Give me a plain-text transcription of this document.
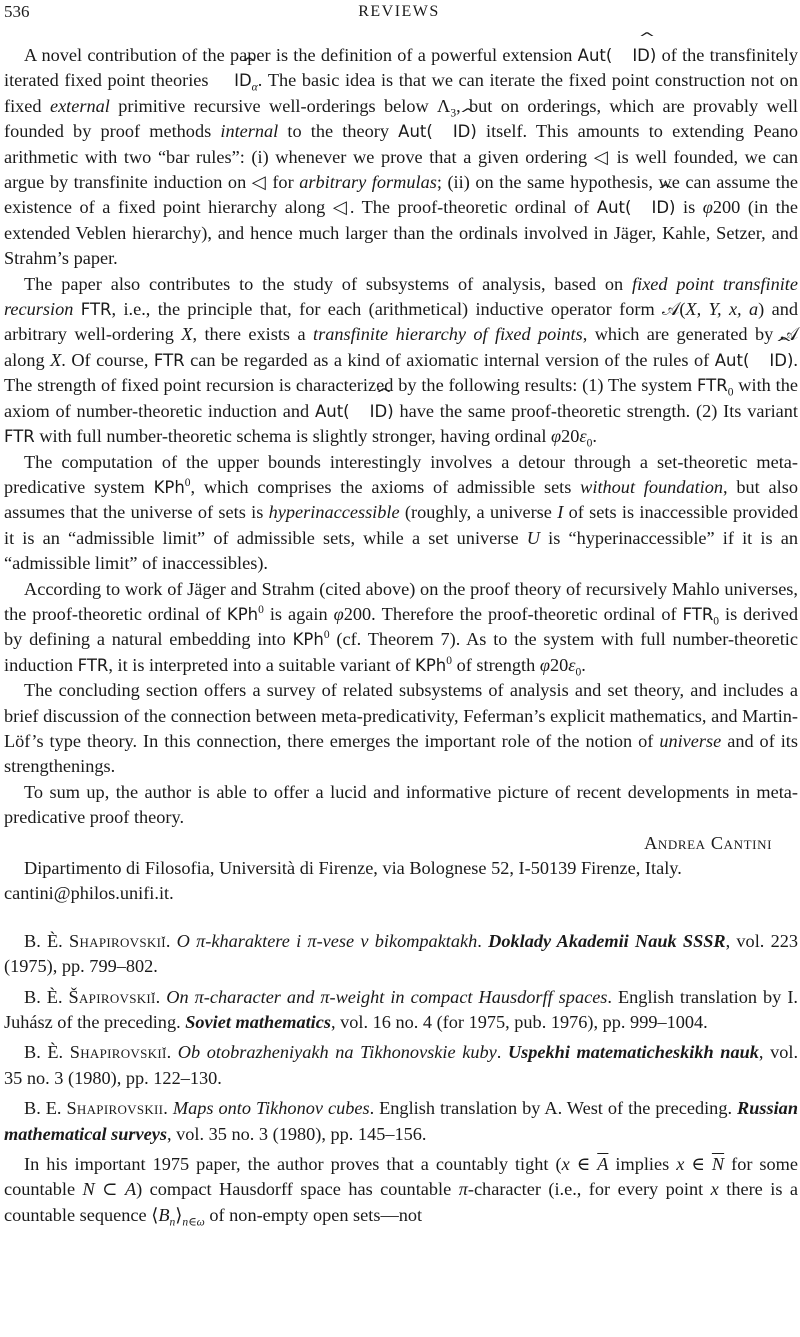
536	REVIEWS

A novel contribution of the paper is the definition of a powerful extension Aut( ID ^) of the transfinitely iterated fixed point theories ID $\^{}_\alpha$. The basic idea is that we can iterate the fixed point construction not on fixed external primitive recursive well-orderings below $\Lambda_3$, but on orderings, which are provably well founded by proof methods internal to the theory Aut( ID ^) itself. This amounts to extending Peano arithmetic with two “bar rules”: (i) whenever we prove that a given ordering ◁ is well founded, we can argue by transfinite induction on ◁ for arbitrary formulas; (ii) on the same hypothesis, we can assume the existence of a fixed point hierarchy along ◁. The proof-theoretic ordinal of Aut( ID ^) is φ200 (in the extended Veblen hierarchy), and hence much larger than the ordinals involved in Jäger, Kahle, Setzer, and Strahm’s paper.

The paper also contributes to the study of subsystems of analysis, based on fixed point transfinite recursion FTR, i.e., the principle that, for each (arithmetical) inductive operator form 𝒜(X, Y, x, a) and arbitrary well-ordering X, there exists a transfinite hierarchy of fixed points, which are generated by 𝒜 along X. Of course, FTR can be regarded as a kind of axiomatic internal version of the rules of Aut( ID ^). The strength of fixed point recursion is characterized by the following results: (1) The system $FTR_0$ with the axiom of number-theoretic induction and Aut( ID ^) have the same proof-theoretic strength. (2) Its variant FTR with full number-theoretic schema is slightly stronger, having ordinal $\varphi 20\varepsilon_0$.

The computation of the upper bounds interestingly involves a detour through a set-theoretic meta-predicative system KPh$^0$, which comprises the axioms of admissible sets without foundation, but also assumes that the universe of sets is hyperinaccessible (roughly, a universe I of sets is inaccessible provided it is an “admissible limit” of admissible sets, while a set universe U is “hyperinaccessible” if it is an “admissible limit” of inaccessibles).

According to work of Jäger and Strahm (cited above) on the proof theory of recursively Mahlo universes, the proof-theoretic ordinal of KPh$^0$ is again φ200. Therefore the proof-theoretic ordinal of $FTR_0$ is derived by defining a natural embedding into KPh$^0$ (cf. Theorem 7). As to the system with full number-theoretic induction FTR, it is interpreted into a suitable variant of KPh$^0$ of strength $\varphi 20\varepsilon_0$.

The concluding section offers a survey of related subsystems of analysis and set theory, and includes a brief discussion of the connection between meta-predicativity, Feferman’s explicit mathematics, and Martin-Löf’s type theory. In this connection, there emerges the important role of the notion of universe and of its strengthenings.

To sum up, the author is able to offer a lucid and informative picture of recent developments in meta-predicative proof theory.

Andrea Cantini

Dipartimento di Filosofia, Università di Firenze, via Bolognese 52, I-50139 Firenze, Italy.

cantini@philos.unifi.it.

B. È. Shapirovskiĭ. O π-kharaktere i π-vese v bikompaktakh. Doklady Akademii Nauk SSSR, vol. 223 (1975), pp. 799–802.

B. È. Šapirovskiĭ. On π-character and π-weight in compact Hausdorff spaces. English translation by I. Juhász of the preceding. Soviet mathematics, vol. 16 no. 4 (for 1975, pub. 1976), pp. 999–1004.

B. È. Shapirovskiĭ. Ob otobrazheniyakh na Tikhonovskie kuby. Uspekhi matematicheskikh nauk, vol. 35 no. 3 (1980), pp. 122–130.

B. E. Shapirovskii. Maps onto Tikhonov cubes. English translation by A. West of the preceding. Russian mathematical surveys, vol. 35 no. 3 (1980), pp. 145–156.

In his important 1975 paper, the author proves that a countably tight (x ∈ $\overline{A}$ implies x ∈ $\overline{N}$ for some countable N ⊂ A) compact Hausdorff space has countable π-character (i.e., for every point x there is a countable sequence $⟨B_n⟩_{n\in\omega}$ of non-empty open sets—not
